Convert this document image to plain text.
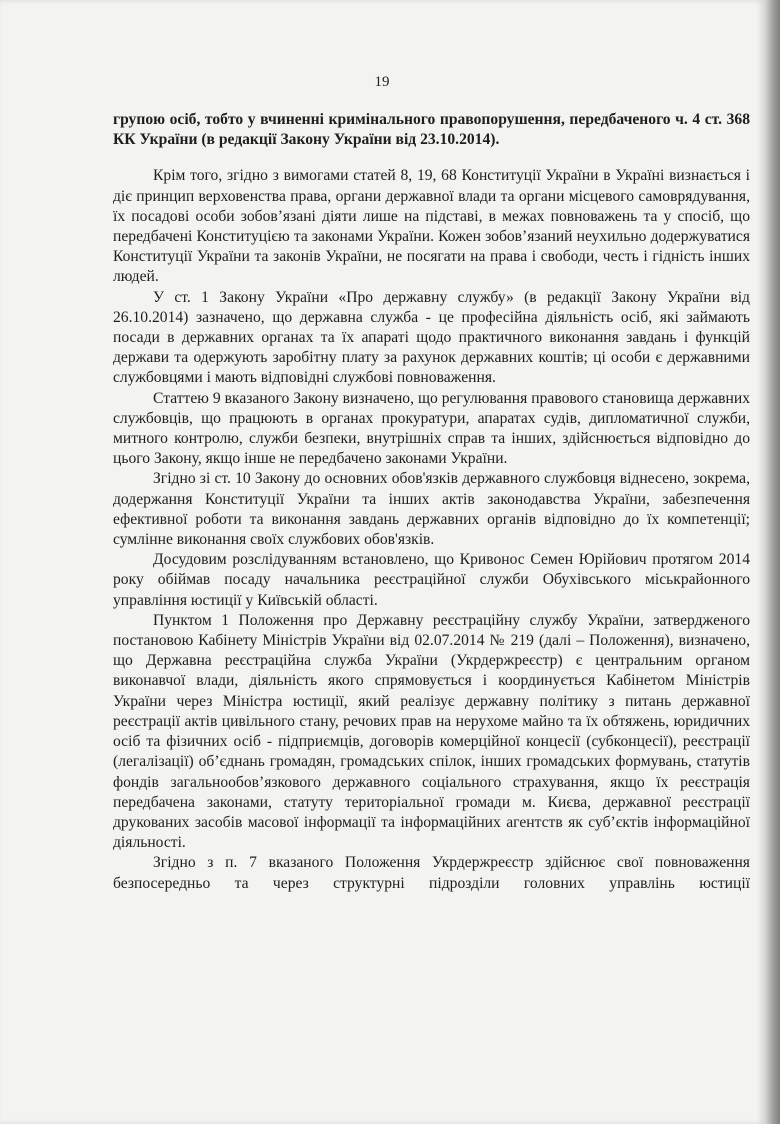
19

групою осіб, тобто у вчиненні кримінального правопорушення, передбаченого ч. 4 ст. 368 КК України (в редакції Закону України від 23.10.2014).

Крім того, згідно з вимогами статей 8, 19, 68 Конституції України в Україні визнається і діє принцип верховенства права, органи державної влади та органи місцевого самоврядування, їх посадові особи зобов’язані діяти лише на підставі, в межах повноважень та у спосіб, що передбачені Конституцією та законами України. Кожен зобов’язаний неухильно додержуватися Конституції України та законів України, не посягати на права і свободи, честь і гідність інших людей.

У ст. 1 Закону України «Про державну службу» (в редакції Закону України від 26.10.2014) зазначено, що державна служба - це професійна діяльність осіб, які займають посади в державних органах та їх апараті щодо практичного виконання завдань і функцій держави та одержують заробітну плату за рахунок державних коштів; ці особи є державними службовцями і мають відповідні службові повноваження.

Статтею 9 вказаного Закону визначено, що регулювання правового становища державних службовців, що працюють в органах прокуратури, апаратах судів, дипломатичної служби, митного контролю, служби безпеки, внутрішніх справ та інших, здійснюється відповідно до цього Закону, якщо інше не передбачено законами України.

Згідно зі ст. 10 Закону до основних обов'язків державного службовця віднесено, зокрема, додержання Конституції України та інших актів законодавства України, забезпечення ефективної роботи та виконання завдань державних органів відповідно до їх компетенції; сумлінне виконання своїх службових обов'язків.

Досудовим розслідуванням встановлено, що Кривонос Семен Юрійович протягом 2014 року обіймав посаду начальника реєстраційної служби Обухівського міськрайонного управління юстиції у Київській області.

Пунктом 1 Положення про Державну реєстраційну службу України, затвердженого постановою Кабінету Міністрів України від 02.07.2014 № 219 (далі – Положення), визначено, що Державна реєстраційна служба України (Укрдержреєстр) є центральним органом виконавчої влади, діяльність якого спрямовується і координується Кабінетом Міністрів України через Міністра юстиції, який реалізує державну політику з питань державної реєстрації актів цивільного стану, речових прав на нерухоме майно та їх обтяжень, юридичних осіб та фізичних осіб - підприємців, договорів комерційної концесії (субконцесії), реєстрації (легалізації) об’єднань громадян, громадських спілок, інших громадських формувань, статутів фондів загальнообов’язкового державного соціального страхування, якщо їх реєстрація передбачена законами, статуту територіальної громади м. Києва, державної реєстрації друкованих засобів масової інформації та інформаційних агентств як суб’єктів інформаційної діяльності.

Згідно з п. 7 вказаного Положення Укрдержреєстр здійснює свої повноваження безпосередньо та через структурні підрозділи головних управлінь юстиції
